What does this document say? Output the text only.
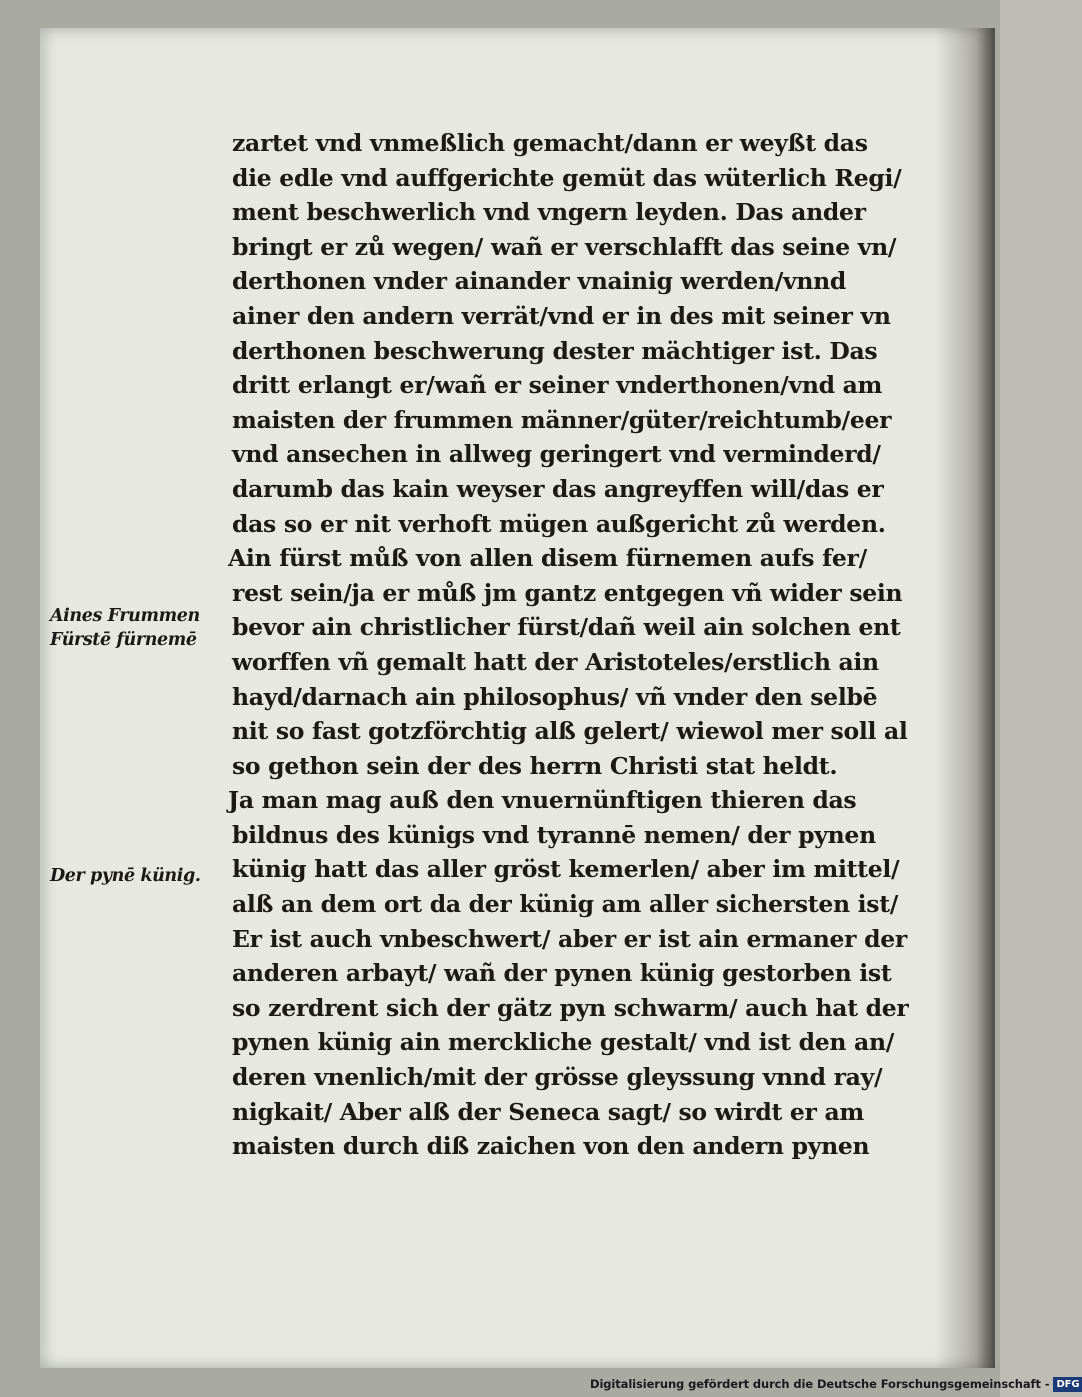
zartet vnd vnmeßlich gemacht/dann er weyßt das
die edle vnd auffgerichte gemüt das wüterlich Regi/
ment beschwerlich vnd vngern leyden. Das ander
bringt er zů wegen/ wañ er verschlafft das seine vn/
derthonen vnder ainander vnainig werden/vnnd
ainer den andern verrät/vnd er in des mit seiner vn
derthonen beschwerung dester mächtiger ist. Das
dritt erlangt er/wañ er seiner vnderthonen/vnd am
maisten der frummen männer/güter/reichtumb/eer
vnd ansechen in allweg geringert vnd verminderd/
darumb das kain weyser das angreyffen will/das er
das so er nit verhoft mügen außgericht zů werden.
Ain fürst můß von allen disem fürnemen aufs fer/
rest sein/ja er můß jm gantz entgegen vñ wider sein
bevor ain christlicher fürst/dañ weil ain solchen ent
worffen vñ gemalt hatt der Aristoteles/erstlich ain
hayd/darnach ain philosophus/ vñ vnder den selbē
nit so fast gotzförchtig alß gelert/ wiewol mer soll al
so gethon sein der des herrn Christi stat heldt.
Ja man mag auß den vnuernünftigen thieren das
bildnus des künigs vnd tyrannē nemen/ der pynen
künig hatt das aller gröst kemerlen/ aber im mittel/
alß an dem ort da der künig am aller sichersten ist/
Er ist auch vnbeschwert/ aber er ist ain ermaner der
anderen arbayt/ wañ der pynen künig gestorben ist
so zerdrent sich der gätz pyn schwarm/ auch hat der
pynen künig ain merckliche gestalt/ vnd ist den an/
deren vnenlich/mit der grösse gleyssung vnnd ray/
nigkait/ Aber alß der Seneca sagt/ so wirdt er am
maisten durch diß zaichen von den andern pynen
Aines Frummen
Fürstē fürnemē
Der pynē künig.
Digitalisierung gefördert durch die Deutsche Forschungsgemeinschaft - DFG
